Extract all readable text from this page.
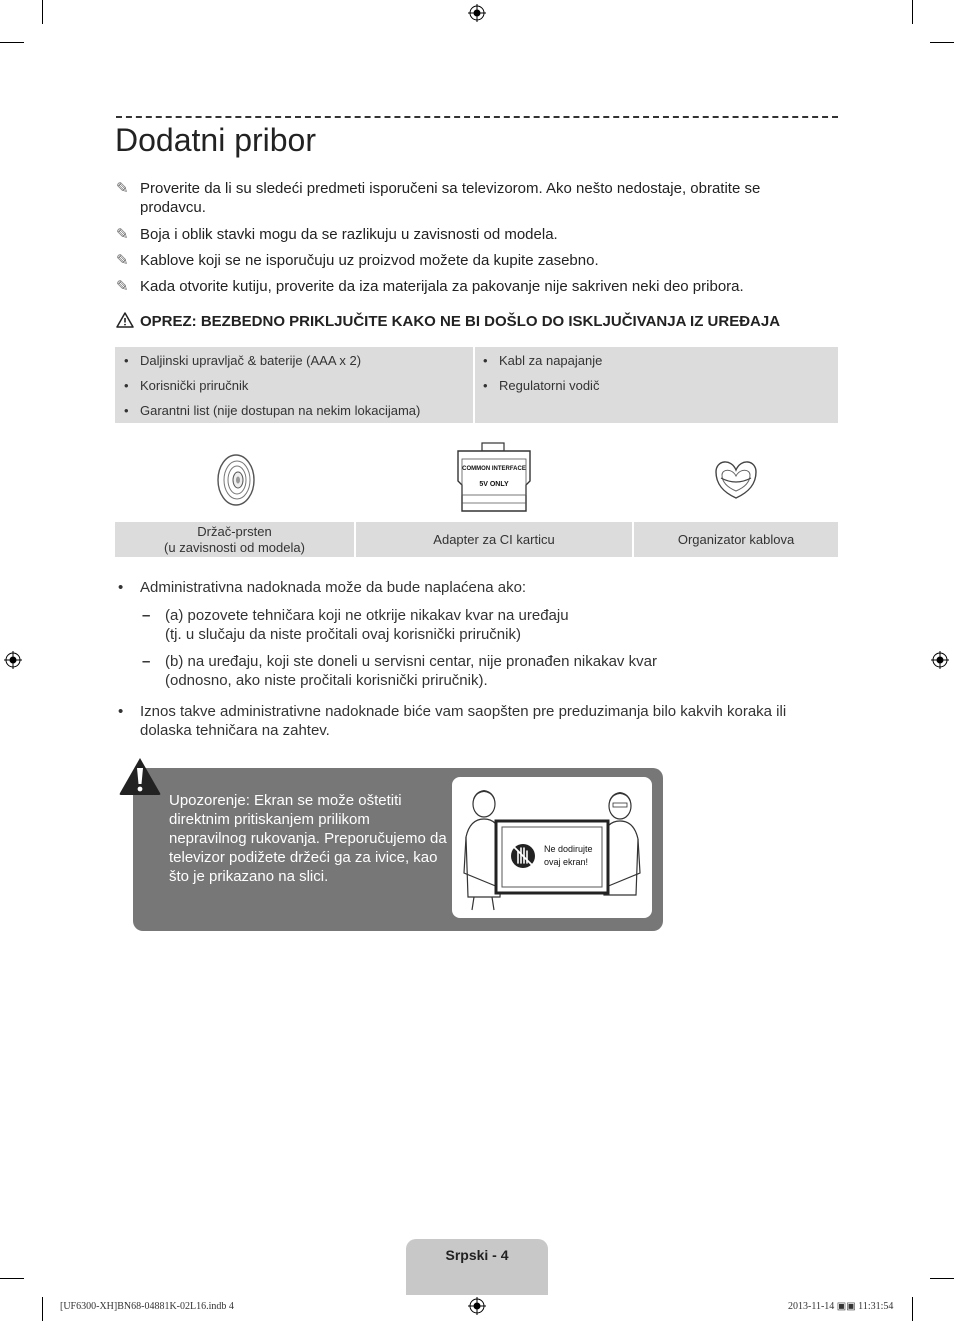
Dodatni pribor
✎ Proverite da li su sledeći predmeti isporučeni sa televizorom. Ako nešto nedostaje, obratite se prodavcu.
✎ Boja i oblik stavki mogu da se razlikuju u zavisnosti od modela.
✎ Kablove koji se ne isporučuju uz proizvod možete da kupite zasebno.
✎ Kada otvorite kutiju, proverite da iza materijala za pakovanje nije sakriven neki deo pribora.
OPREZ: BEZBEDNO PRIKLJUČITE KAKO NE BI DOŠLO DO ISKLJUČIVANJA IZ UREĐAJA
• Daljinski upravljač & baterije (AAA x 2)
• Korisnički priručnik
• Garantni list (nije dostupan na nekim lokacijama)
• Kabl za napajanje
• Regulatorni vodič
COMMON INTERFACE
5V ONLY
Držač-prsten
(u zavisnosti od modela)
Adapter za CI karticu	Organizator kablova
• Administrativna nadoknada može da bude naplaćena ako:
– (a) pozovete tehničara koji ne otkrije nikakav kvar na uređaju
(tj. u slučaju da niste pročitali ovaj korisnički priručnik)
– (b) na uređaju, koji ste doneli u servisni centar, nije pronađen nikakav kvar
(odnosno, ako niste pročitali korisnički priručnik).
• Iznos takve administrativne nadoknade biće vam saopšten pre preduzimanja bilo kakvih koraka ili
dolaska tehničara na zahtev.
Upozorenje: Ekran se može oštetiti direktnim pritiskanjem prilikom nepravilnog rukovanja. Preporučujemo da televizor podižete držeći ga za ivice, kao što je prikazano na slici.
Ne dodirujte
ovaj ekran!
Srpski - 4
[UF6300-XH]BN68-04881K-02L16.indb 4	2013-11-14 ▣▣ 11:31:54
